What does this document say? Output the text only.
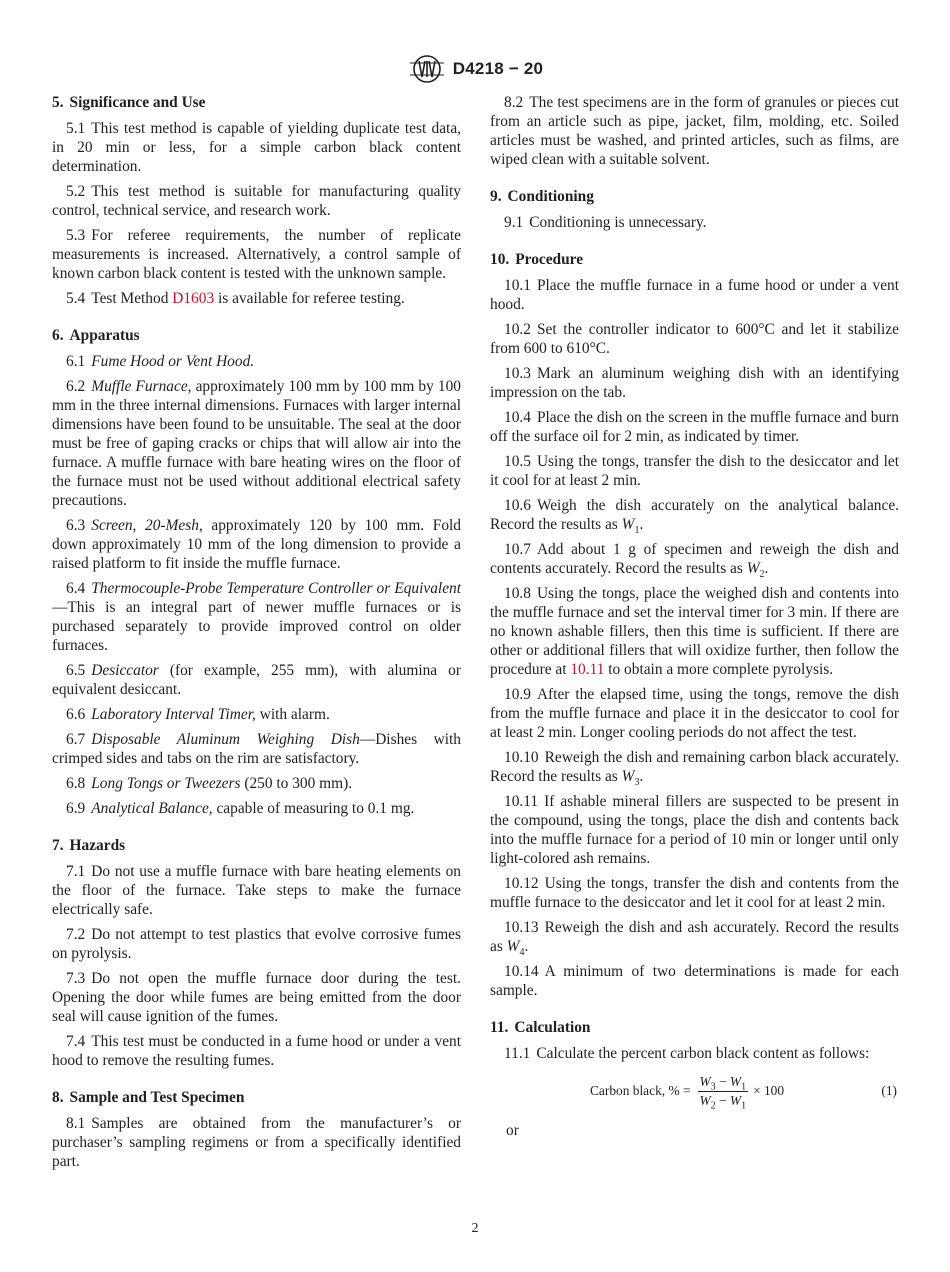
D4218 − 20
5. Significance and Use

5.1 This test method is capable of yielding duplicate test data, in 20 min or less, for a simple carbon black content determination.

5.2 This test method is suitable for manufacturing quality control, technical service, and research work.

5.3 For referee requirements, the number of replicate measurements is increased. Alternatively, a control sample of known carbon black content is tested with the unknown sample.

5.4 Test Method D1603 is available for referee testing.

6. Apparatus

6.1 Fume Hood or Vent Hood.

6.2 Muffle Furnace, approximately 100 mm by 100 mm by 100 mm in the three internal dimensions. Furnaces with larger internal dimensions have been found to be unsuitable. The seal at the door must be free of gaping cracks or chips that will allow air into the furnace. A muffle furnace with bare heating wires on the floor of the furnace must not be used without additional electrical safety precautions.

6.3 Screen, 20-Mesh, approximately 120 by 100 mm. Fold down approximately 10 mm of the long dimension to provide a raised platform to fit inside the muffle furnace.

6.4 Thermocouple-Probe Temperature Controller or Equivalent—This is an integral part of newer muffle furnaces or is purchased separately to provide improved control on older furnaces.

6.5 Desiccator (for example, 255 mm), with alumina or equivalent desiccant.

6.6 Laboratory Interval Timer, with alarm.

6.7 Disposable Aluminum Weighing Dish—Dishes with crimped sides and tabs on the rim are satisfactory.

6.8 Long Tongs or Tweezers (250 to 300 mm).

6.9 Analytical Balance, capable of measuring to 0.1 mg.

7. Hazards

7.1 Do not use a muffle furnace with bare heating elements on the floor of the furnace. Take steps to make the furnace electrically safe.

7.2 Do not attempt to test plastics that evolve corrosive fumes on pyrolysis.

7.3 Do not open the muffle furnace door during the test. Opening the door while fumes are being emitted from the door seal will cause ignition of the fumes.

7.4 This test must be conducted in a fume hood or under a vent hood to remove the resulting fumes.

8. Sample and Test Specimen

8.1 Samples are obtained from the manufacturer’s or purchaser’s sampling regimens or from a specifically identified part.

8.2 The test specimens are in the form of granules or pieces cut from an article such as pipe, jacket, film, molding, etc. Soiled articles must be washed, and printed articles, such as films, are wiped clean with a suitable solvent.

9. Conditioning

9.1 Conditioning is unnecessary.

10. Procedure

10.1 Place the muffle furnace in a fume hood or under a vent hood.

10.2 Set the controller indicator to 600°C and let it stabilize from 600 to 610°C.

10.3 Mark an aluminum weighing dish with an identifying impression on the tab.

10.4 Place the dish on the screen in the muffle furnace and burn off the surface oil for 2 min, as indicated by timer.

10.5 Using the tongs, transfer the dish to the desiccator and let it cool for at least 2 min.

10.6 Weigh the dish accurately on the analytical balance. Record the results as $W_1$.

10.7 Add about 1 g of specimen and reweigh the dish and contents accurately. Record the results as $W_2$.

10.8 Using the tongs, place the weighed dish and contents into the muffle furnace and set the interval timer for 3 min. If there are no known ashable fillers, then this time is sufficient. If there are other or additional fillers that will oxidize further, then follow the procedure at 10.11 to obtain a more complete pyrolysis.

10.9 After the elapsed time, using the tongs, remove the dish from the muffle furnace and place it in the desiccator to cool for at least 2 min. Longer cooling periods do not affect the test.

10.10 Reweigh the dish and remaining carbon black accurately. Record the results as $W_3$.

10.11 If ashable mineral fillers are suspected to be present in the compound, using the tongs, place the dish and contents back into the muffle furnace for a period of 10 min or longer until only light-colored ash remains.

10.12 Using the tongs, transfer the dish and contents from the muffle furnace to the desiccator and let it cool for at least 2 min.

10.13 Reweigh the dish and ash accurately. Record the results as $W_4$.

10.14 A minimum of two determinations is made for each sample.

11. Calculation

11.1 Calculate the percent carbon black content as follows:

Carbon black, % = $\frac{W_3 - W_1}{W_2 - W_1} \times 100$	(1)

or

2
